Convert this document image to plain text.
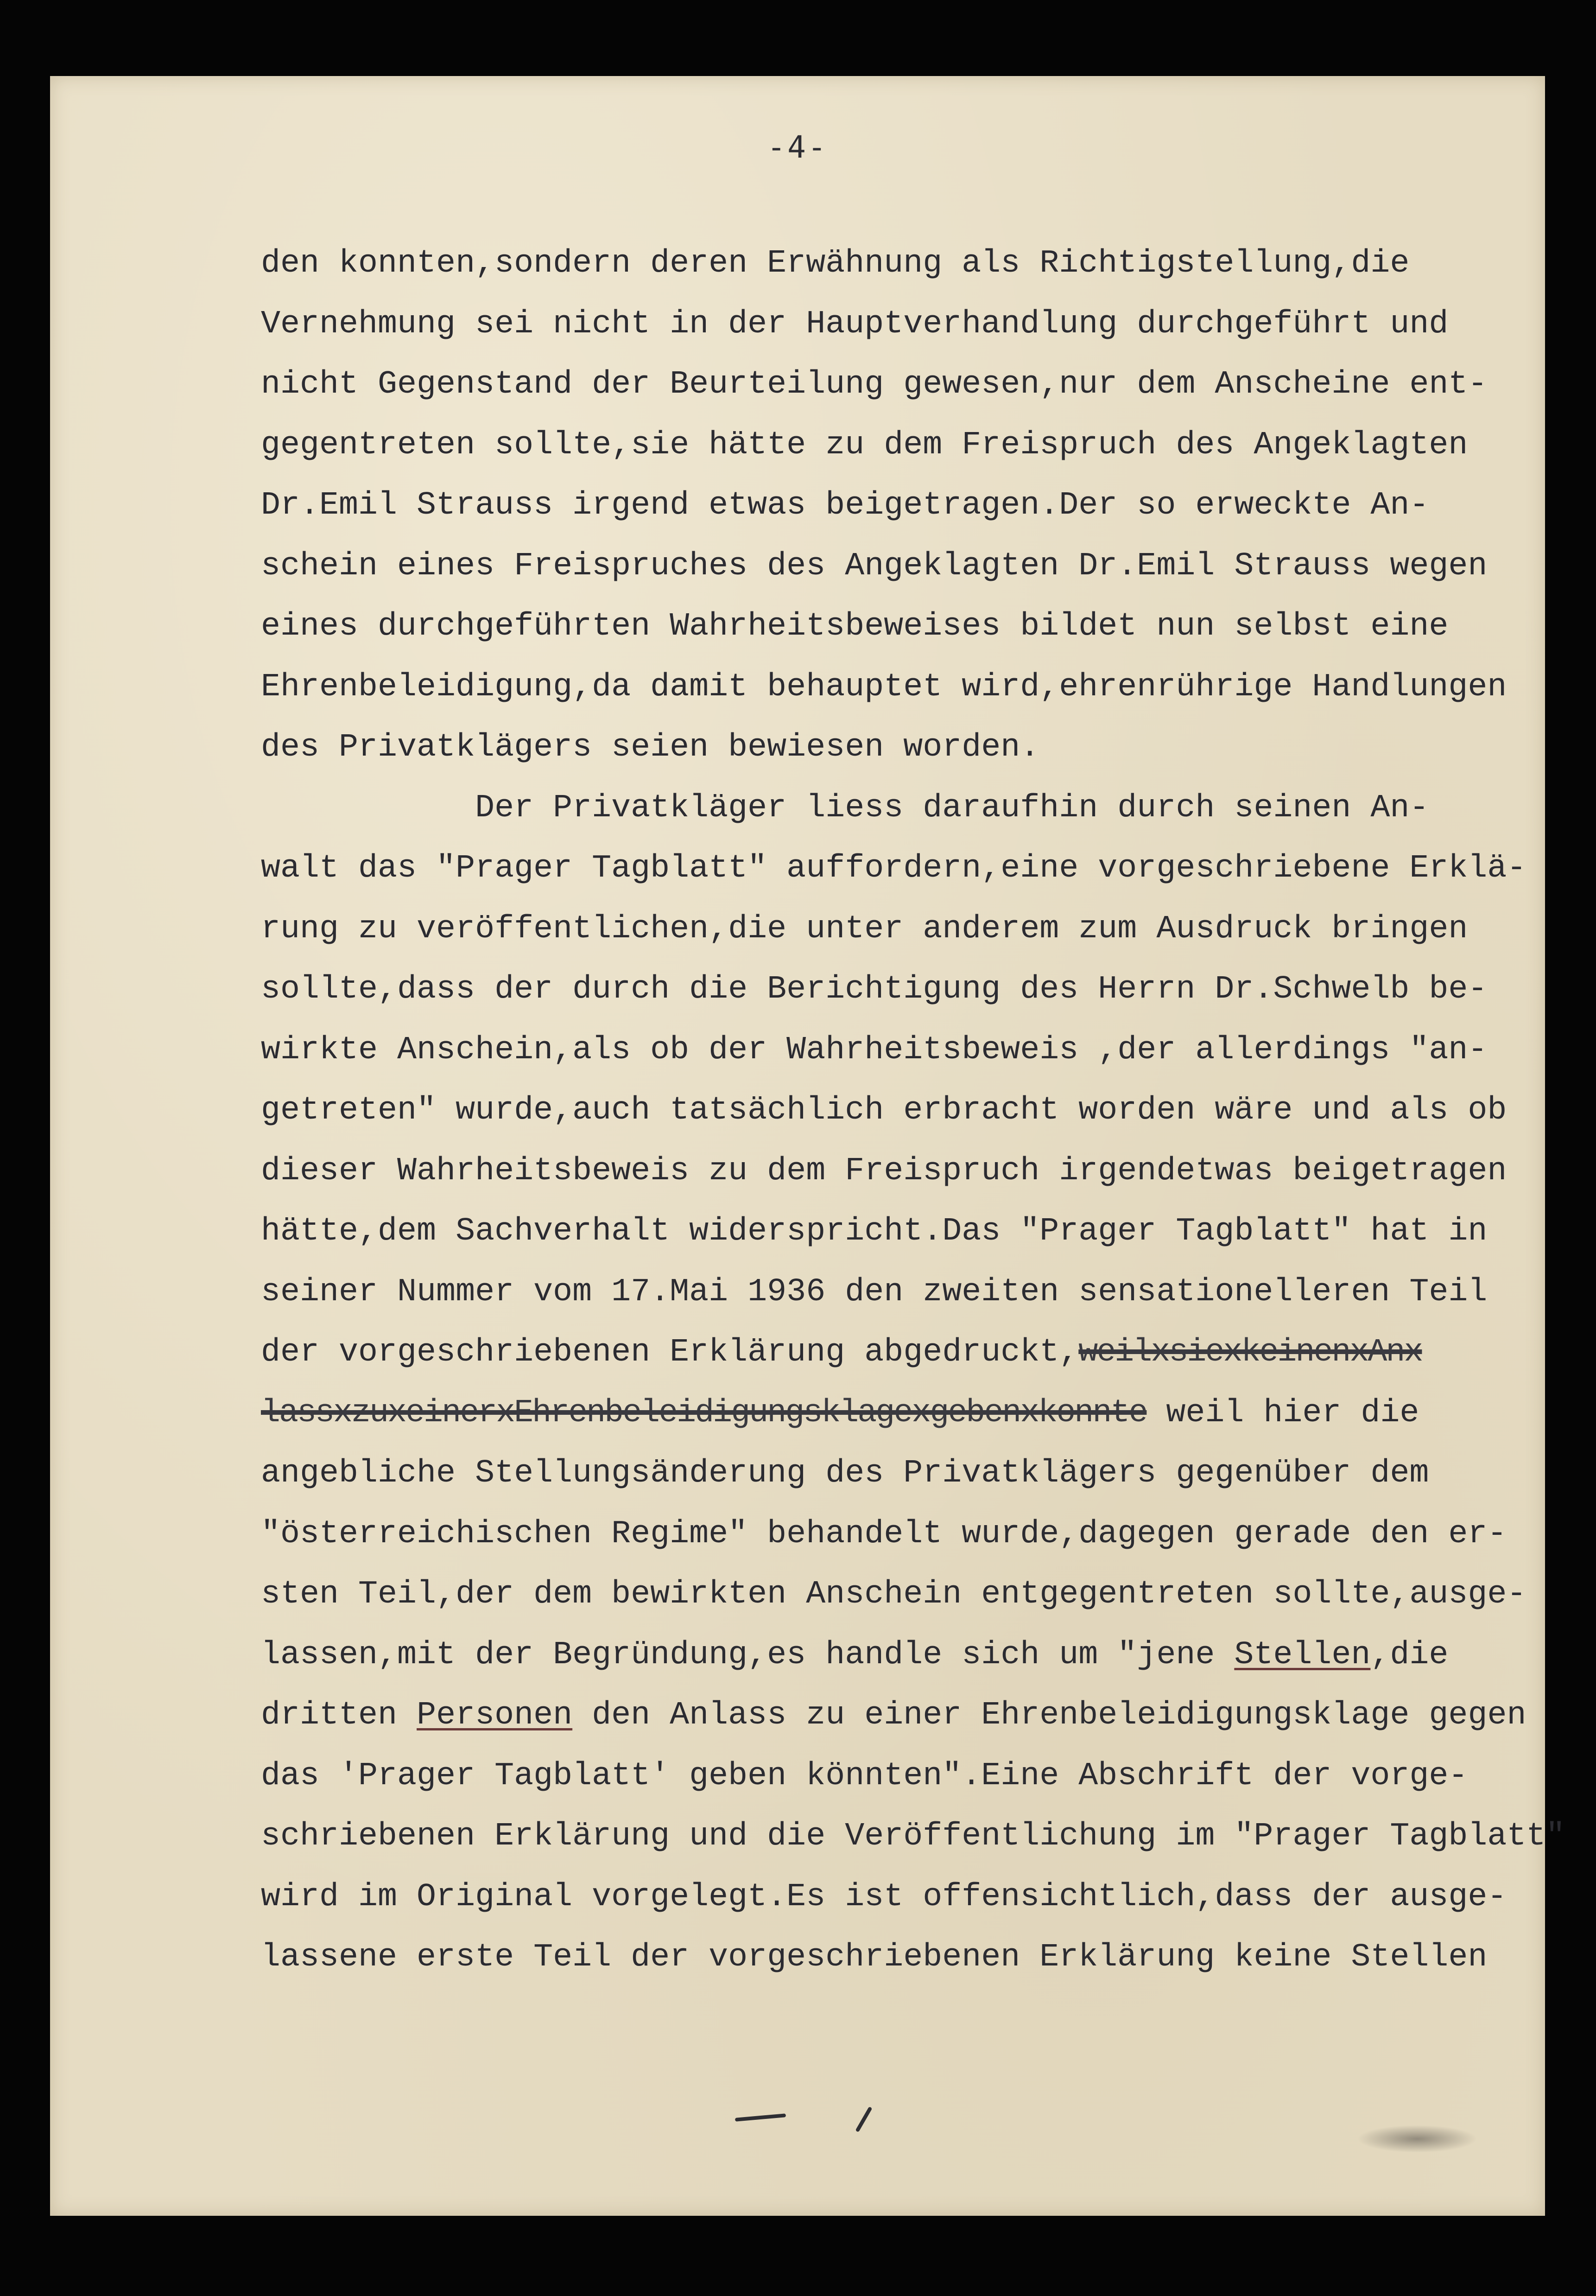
-4-
den konnten,sondern deren Erwähnung als Richtigstellung,die
Vernehmung sei nicht in der Hauptverhandlung durchgeführt und
nicht Gegenstand der Beurteilung gewesen,nur dem Anscheine ent-
gegentreten sollte,sie hätte zu dem Freispruch des Angeklagten
Dr.Emil Strauss irgend etwas beigetragen.Der so erweckte An-
schein eines Freispruches des Angeklagten Dr.Emil Strauss wegen
eines durchgeführten Wahrheitsbeweises bildet nun selbst eine
Ehrenbeleidigung,da damit behauptet wird,ehrenrührige Handlungen
des Privatklägers seien bewiesen worden.
Der Privatkläger liess daraufhin durch seinen An-
walt das "Prager Tagblatt" auffordern,eine vorgeschriebene Erklä-
rung zu veröffentlichen,die unter anderem zum Ausdruck bringen
sollte,dass der durch die Berichtigung des Herrn Dr.Schwelb be-
wirkte Anschein,als ob der Wahrheitsbeweis ,der allerdings "an-
getreten" wurde,auch tatsächlich erbracht worden wäre und als ob
dieser Wahrheitsbeweis zu dem Freispruch irgendetwas beigetragen
hätte,dem Sachverhalt widerspricht.Das "Prager Tagblatt" hat in
seiner Nummer vom 17.Mai 1936 den zweiten sensationelleren Teil
der vorgeschriebenen Erklärung abgedruckt,weilxsiexkeinenxAnx
lassxzuxeinerxEhrenbeleidigungsklagexgebenxkonnte weil hier die
angebliche Stellungsänderung des Privatklägers gegenüber dem
"österreichischen Regime" behandelt wurde,dagegen gerade den er-
sten Teil,der dem bewirkten Anschein entgegentreten sollte,ausge-
lassen,mit der Begründung,es handle sich um "jene Stellen,die
dritten Personen den Anlass zu einer Ehrenbeleidigungsklage gegen
das 'Prager Tagblatt' geben könnten".Eine Abschrift der vorge-
schriebenen Erklärung und die Veröffentlichung im "Prager Tagblatt"
wird im Original vorgelegt.Es ist offensichtlich,dass der ausge-
lassene erste Teil der vorgeschriebenen Erklärung keine Stellen
